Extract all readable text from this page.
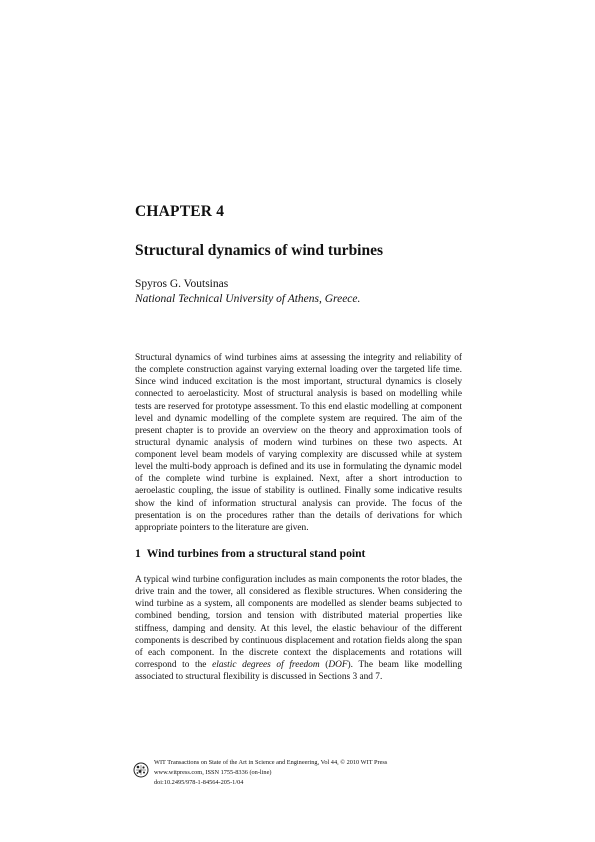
CHAPTER 4
Structural dynamics of wind turbines
Spyros G. Voutsinas
National Technical University of Athens, Greece.

Structural dynamics of wind turbines aims at assessing the integrity and reliability of the complete construction against varying external loading over the targeted life time. Since wind induced excitation is the most important, structural dynamics is closely connected to aeroelasticity. Most of structural analysis is based on modelling while tests are reserved for prototype assessment. To this end elastic modelling at component level and dynamic modelling of the complete system are required. The aim of the present chapter is to provide an overview on the theory and approximation tools of structural dynamic analysis of modern wind turbines on these two aspects. At component level beam models of varying complexity are discussed while at system level the multi-body approach is defined and its use in formulating the dynamic model of the complete wind turbine is explained. Next, after a short introduction to aeroelastic coupling, the issue of stability is outlined. Finally some indicative results show the kind of information structural analysis can provide. The focus of the presentation is on the procedures rather than the details of derivations for which appropriate pointers to the literature are given.

1 Wind turbines from a structural stand point

A typical wind turbine configuration includes as main components the rotor blades, the drive train and the tower, all considered as flexible structures. When considering the wind turbine as a system, all components are modelled as slender beams subjected to combined bending, torsion and tension with distributed material properties like stiffness, damping and density. At this level, the elastic behaviour of the different components is described by continuous displacement and rotation fields along the span of each component. In the discrete context the displacements and rotations will correspond to the elastic degrees of freedom (DOF). The beam like modelling associated to structural flexibility is discussed in Sections 3 and 7.

WIT Transactions on State of the Art in Science and Engineering, Vol 44, © 2010 WIT Press
www.witpress.com, ISSN 1755-8336 (on-line)
doi:10.2495/978-1-84564-205-1/04
